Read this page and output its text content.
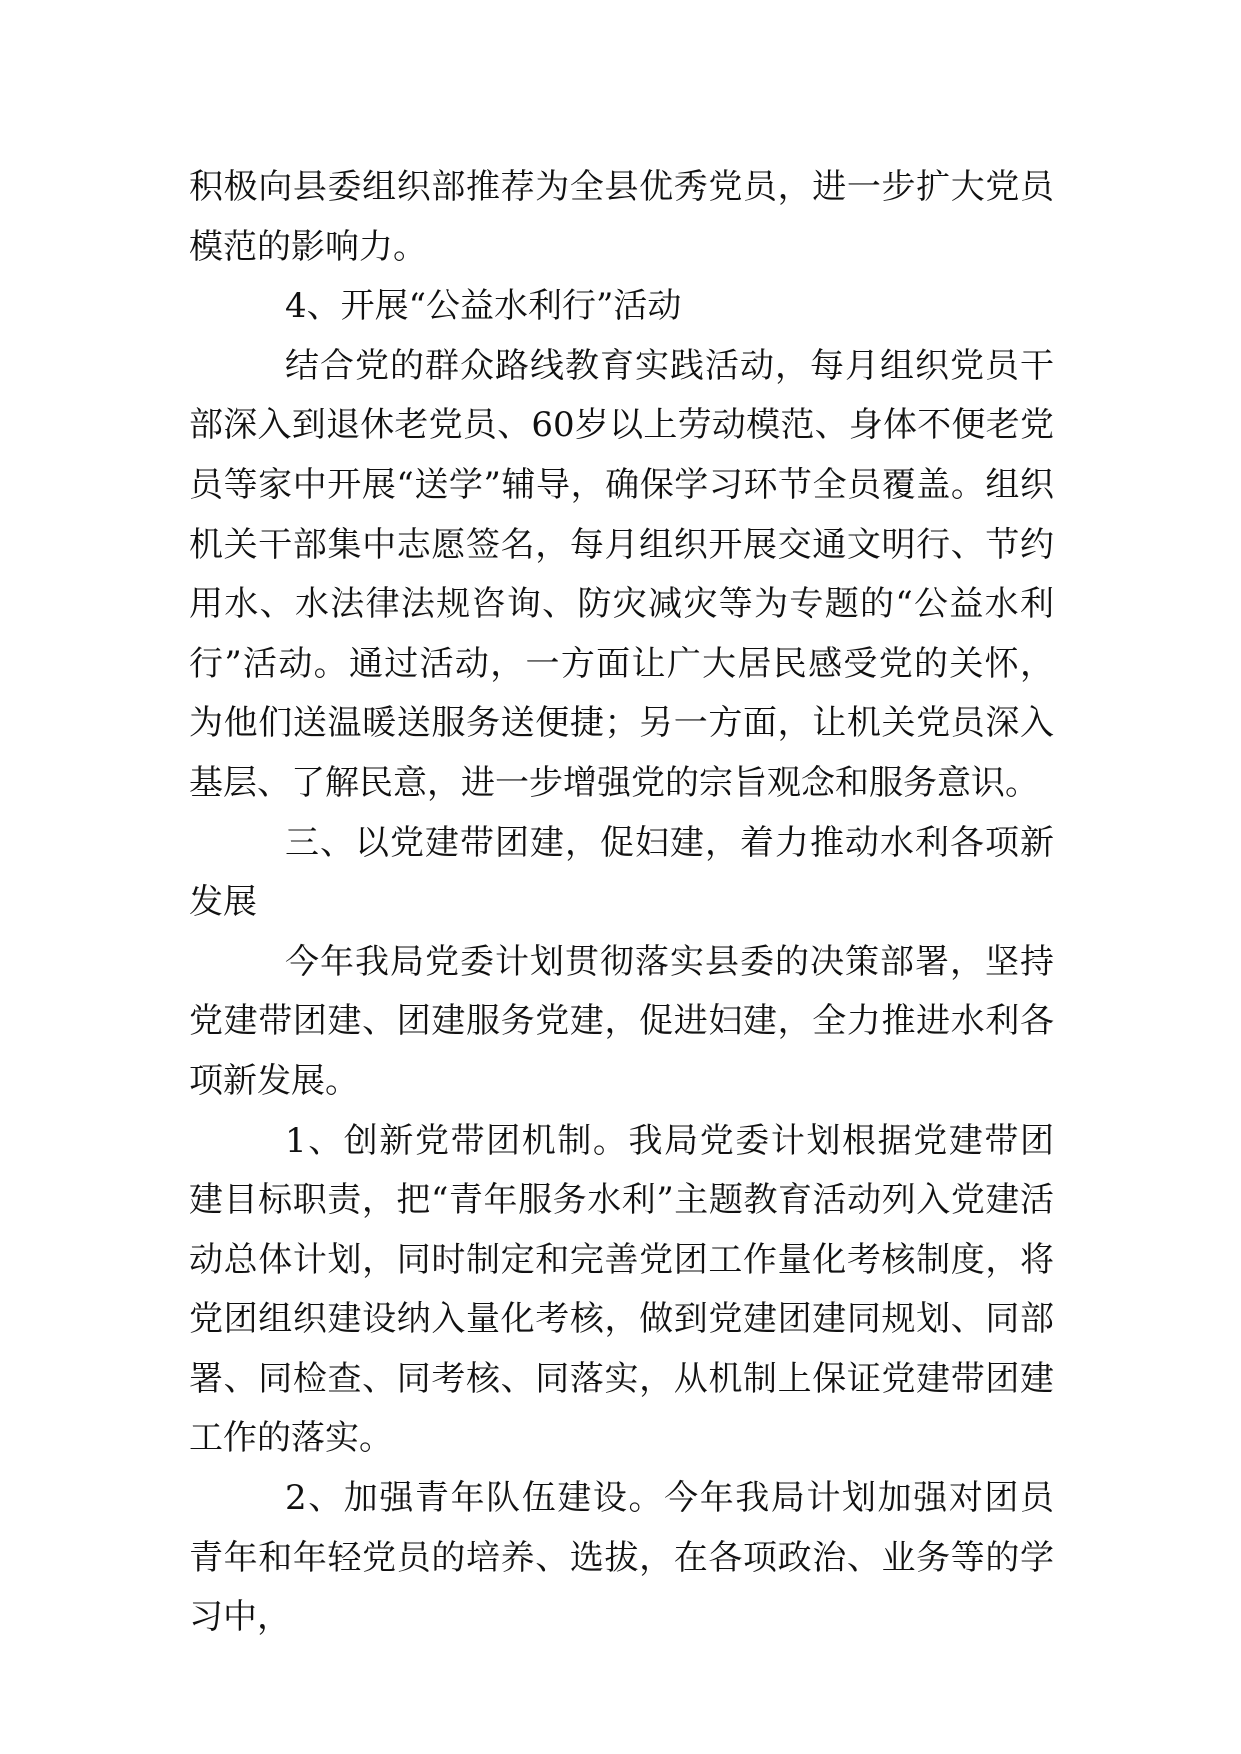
积极向县委组织部推荐为全县优秀党员，进一步扩大党员模范的影响力。

4、开展“公益水利行”活动

结合党的群众路线教育实践活动，每月组织党员干部深入到退休老党员、60岁以上劳动模范、身体不便老党员等家中开展“送学”辅导，确保学习环节全员覆盖。组织机关干部集中志愿签名，每月组织开展交通文明行、节约用水、水法律法规咨询、防灾减灾等为专题的“公益水利行”活动。通过活动，一方面让广大居民感受党的关怀，为他们送温暖送服务送便捷；另一方面，让机关党员深入基层、了解民意，进一步增强党的宗旨观念和服务意识。

三、以党建带团建，促妇建，着力推动水利各项新发展

今年我局党委计划贯彻落实县委的决策部署，坚持党建带团建、团建服务党建，促进妇建，全力推进水利各项新发展。

1、创新党带团机制。我局党委计划根据党建带团建目标职责，把“青年服务水利”主题教育活动列入党建活动总体计划，同时制定和完善党团工作量化考核制度，将党团组织建设纳入量化考核，做到党建团建同规划、同部署、同检查、同考核、同落实，从机制上保证党建带团建工作的落实。

2、加强青年队伍建设。今年我局计划加强对团员青年和年轻党员的培养、选拔，在各项政治、业务等的学习中，
